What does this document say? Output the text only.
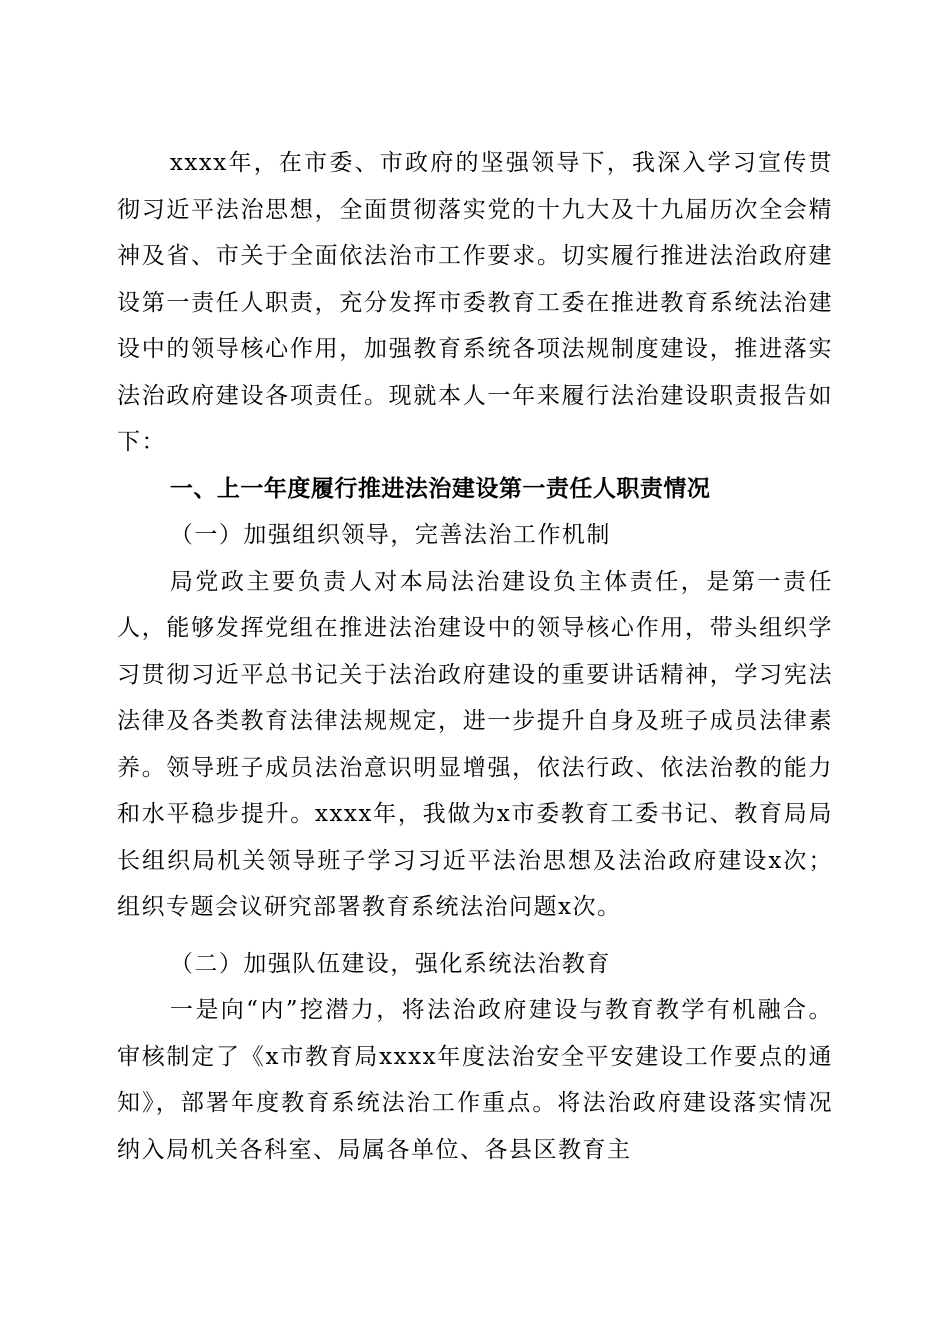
xxxx年，在市委、市政府的坚强领导下，我深入学习宣传贯彻习近平法治思想，全面贯彻落实党的十九大及十九届历次全会精神及省、市关于全面依法治市工作要求。切实履行推进法治政府建设第一责任人职责，充分发挥市委教育工委在推进教育系统法治建设中的领导核心作用，加强教育系统各项法规制度建设，推进落实法治政府建设各项责任。现就本人一年来履行法治建设职责报告如下：

一、上一年度履行推进法治建设第一责任人职责情况

（一）加强组织领导，完善法治工作机制

局党政主要负责人对本局法治建设负主体责任，是第一责任人，能够发挥党组在推进法治建设中的领导核心作用，带头组织学习贯彻习近平总书记关于法治政府建设的重要讲话精神，学习宪法法律及各类教育法律法规规定，进一步提升自身及班子成员法律素养。领导班子成员法治意识明显增强，依法行政、依法治教的能力和水平稳步提升。xxxx年，我做为x市委教育工委书记、教育局局长组织局机关领导班子学习习近平法治思想及法治政府建设x次；组织专题会议研究部署教育系统法治问题x次。

（二）加强队伍建设，强化系统法治教育

一是向“内”挖潜力，将法治政府建设与教育教学有机融合。审核制定了《x市教育局xxxx年度法治安全平安建设工作要点的通知》，部署年度教育系统法治工作重点。将法治政府建设落实情况纳入局机关各科室、局属各单位、各县区教育主
